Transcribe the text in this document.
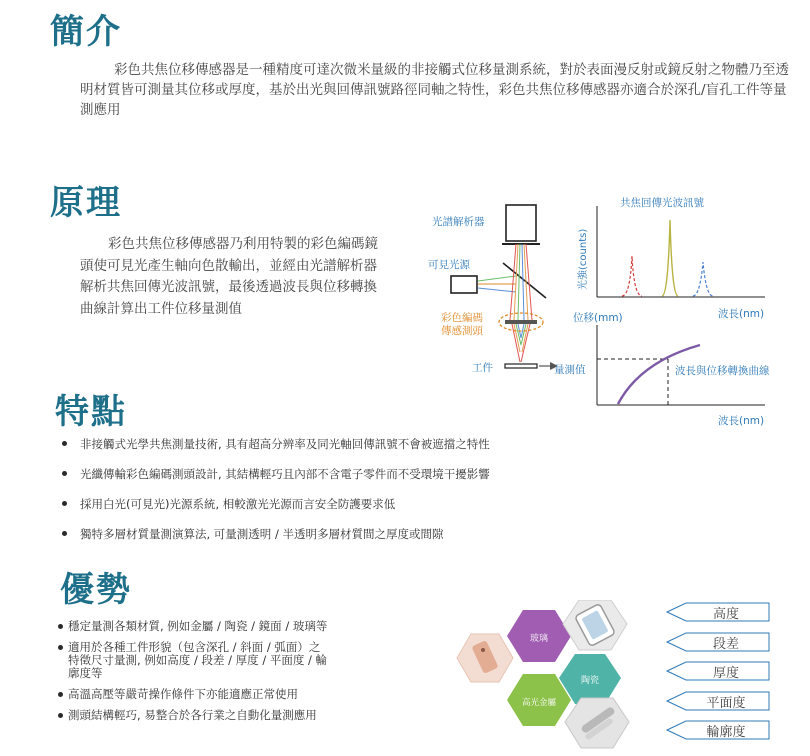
簡介
彩色共焦位移傳感器是一種精度可達次微米量級的非接觸式位移量測系統，對於表面漫反射或鏡反射之物體乃至透明材質皆可測量其位移或厚度，基於出光與回傳訊號路徑同軸之特性，彩色共焦位移傳感器亦適合於深孔/盲孔工件等量測應用
原理
彩色共焦位移傳感器乃利用特製的彩色編碼鏡頭使可見光產生軸向色散輸出，並經由光譜解析器解析共焦回傳光波訊號，最後透過波長與位移轉換曲線計算出工件位移量測值
光譜解析器
可見光源
彩色編碼
傳感測頭
工件
共焦回傳光波訊號
光強(counts)
波長(nm)
位移(mm)
量測值	波長與位移轉換曲線
波長(nm)
特點
非接觸式光學共焦測量技術, 具有超高分辨率及同光軸回傳訊號不會被遮擋之特性
光纖傳輸彩色編碼測頭設計, 其結構輕巧且內部不含電子零件而不受環境干擾影響
採用白光(可見光)光源系統, 相較激光光源而言安全防護要求低
獨特多層材質量測演算法, 可量測透明 / 半透明多層材質間之厚度或間隙
優勢
穩定量測各類材質, 例如金屬 / 陶瓷 / 鏡面 / 玻璃等
適用於各種工件形貌（包含深孔 / 斜面 / 弧面）之
特徵尺寸量測, 例如高度 / 段差 / 厚度 / 平面度 / 輪
廓度等
高溫高壓等嚴苛操作條件下亦能適應正常使用
測頭結構輕巧, 易整合於各行業之自動化量測應用
玻璃
陶瓷
高光金屬
高度
段差
厚度
平面度
輪廓度
